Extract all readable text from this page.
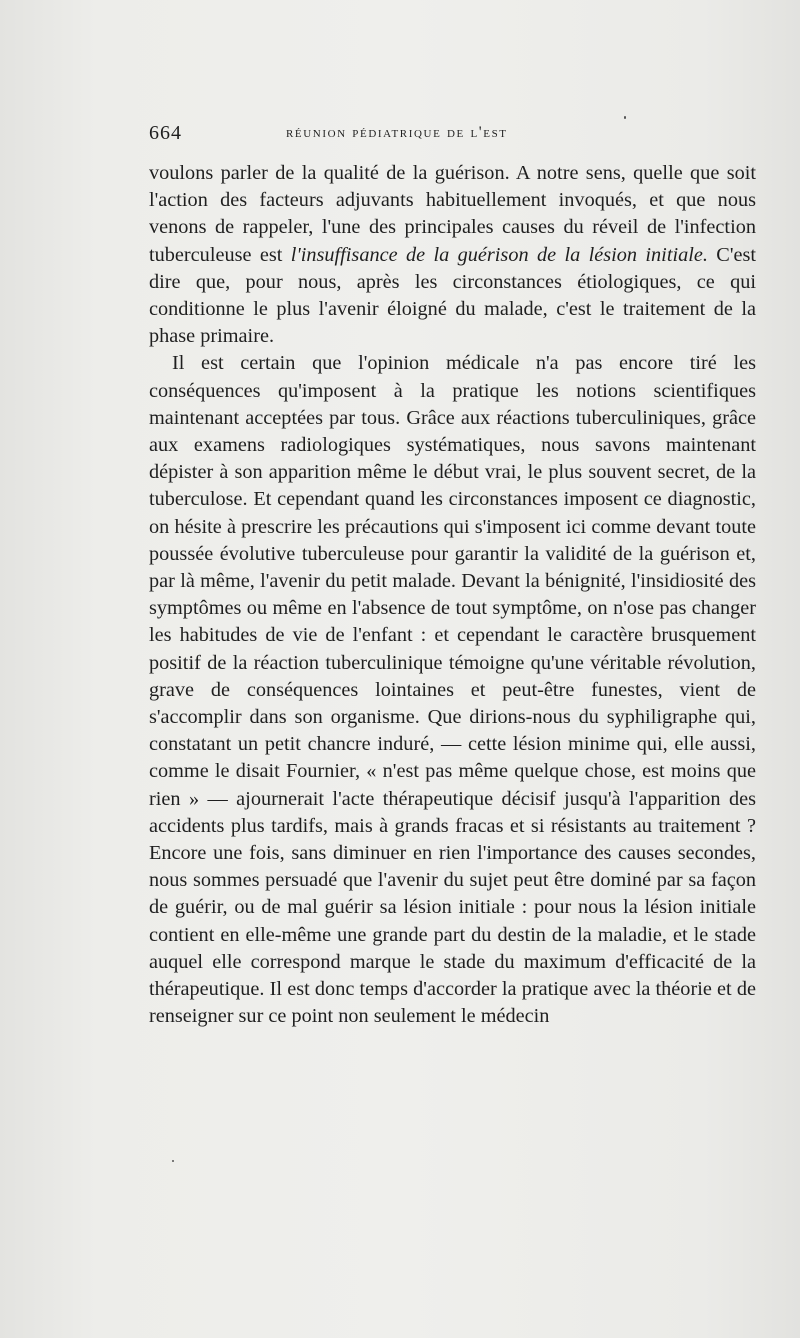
664	réunion pédiatrique de l'est

voulons parler de la qualité de la guérison. A notre sens, quelle que soit l'action des facteurs adjuvants habituellement invoqués, et que nous venons de rappeler, l'une des principales causes du réveil de l'infection tuberculeuse est l'insuffisance de la guérison de la lésion initiale. C'est dire que, pour nous, après les circonstances étiologiques, ce qui conditionne le plus l'avenir éloigné du malade, c'est le traitement de la phase primaire.

Il est certain que l'opinion médicale n'a pas encore tiré les conséquences qu'imposent à la pratique les notions scientifiques maintenant acceptées par tous. Grâce aux réactions tuberculiniques, grâce aux examens radiologiques systématiques, nous savons maintenant dépister à son apparition même le début vrai, le plus souvent secret, de la tuberculose. Et cependant quand les circonstances imposent ce diagnostic, on hésite à prescrire les précautions qui s'imposent ici comme devant toute poussée évolutive tuberculeuse pour garantir la validité de la guérison et, par là même, l'avenir du petit malade. Devant la bénignité, l'insidiosité des symptômes ou même en l'absence de tout symptôme, on n'ose pas changer les habitudes de vie de l'enfant : et cependant le caractère brusquement positif de la réaction tuberculinique témoigne qu'une véritable révolution, grave de conséquences lointaines et peut-être funestes, vient de s'accomplir dans son organisme. Que dirions-nous du syphiligraphe qui, constatant un petit chancre induré, — cette lésion minime qui, elle aussi, comme le disait Fournier, « n'est pas même quelque chose, est moins que rien » — ajournerait l'acte thérapeutique décisif jusqu'à l'apparition des accidents plus tardifs, mais à grands fracas et si résistants au traitement ? Encore une fois, sans diminuer en rien l'importance des causes secondes, nous sommes persuadé que l'avenir du sujet peut être dominé par sa façon de guérir, ou de mal guérir sa lésion initiale : pour nous la lésion initiale contient en elle-même une grande part du destin de la maladie, et le stade auquel elle correspond marque le stade du maximum d'efficacité de la thérapeutique. Il est donc temps d'accorder la pratique avec la théorie et de renseigner sur ce point non seulement le médecin
